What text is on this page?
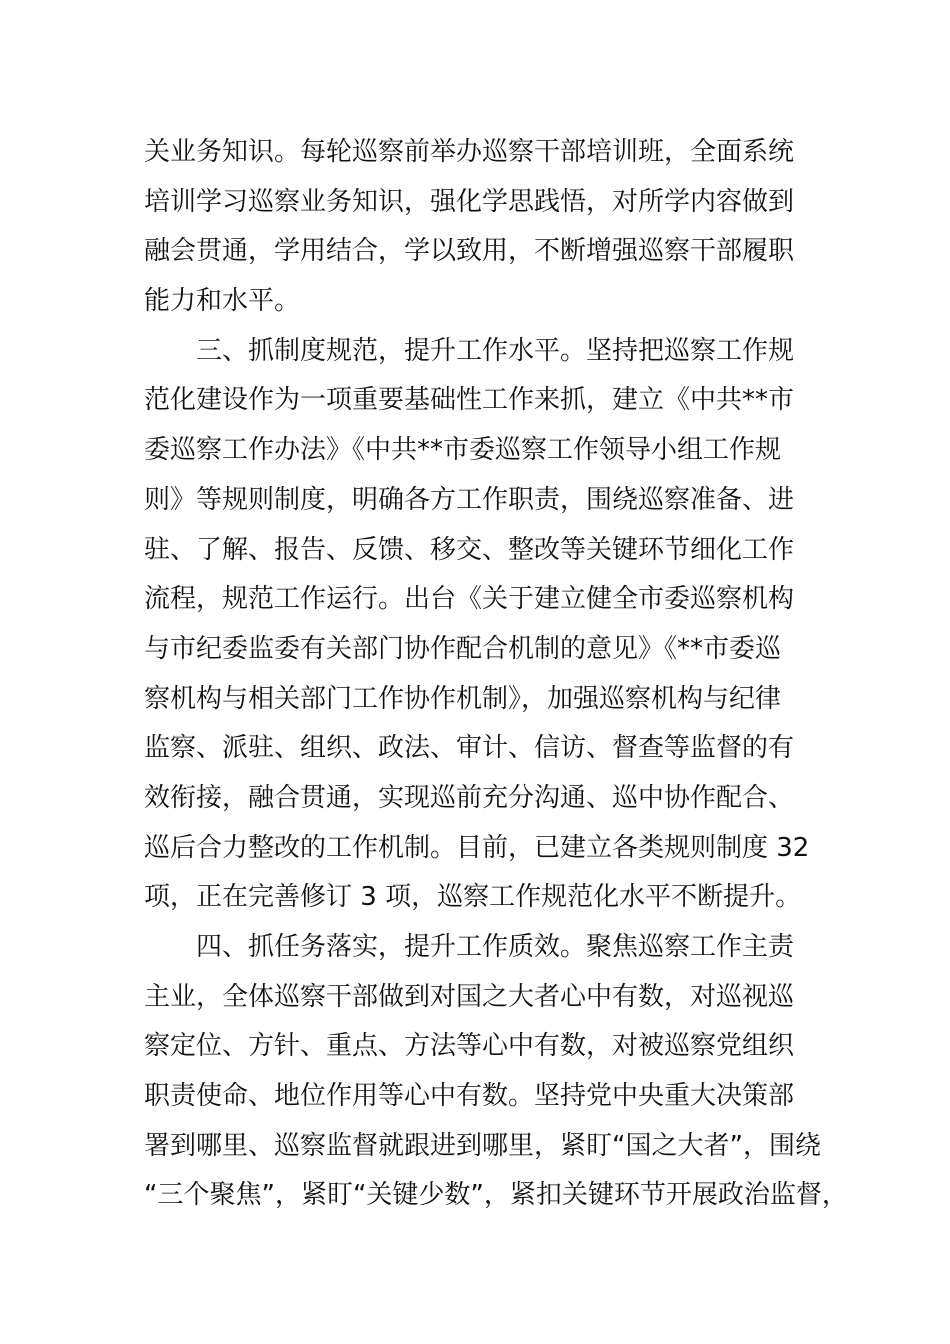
关业务知识。每轮巡察前举办巡察干部培训班，全面系统
培训学习巡察业务知识，强化学思践悟，对所学内容做到
融会贯通，学用结合，学以致用，不断增强巡察干部履职
能力和水平。
　　三、抓制度规范，提升工作水平。坚持把巡察工作规
范化建设作为一项重要基础性工作来抓，建立《中共**市
委巡察工作办法》《中共**市委巡察工作领导小组工作规
则》等规则制度，明确各方工作职责，围绕巡察准备、进
驻、了解、报告、反馈、移交、整改等关键环节细化工作
流程，规范工作运行。出台《关于建立健全市委巡察机构
与市纪委监委有关部门协作配合机制的意见》《**市委巡
察机构与相关部门工作协作机制》，加强巡察机构与纪律
监察、派驻、组织、政法、审计、信访、督查等监督的有
效衔接，融合贯通，实现巡前充分沟通、巡中协作配合、
巡后合力整改的工作机制。目前，已建立各类规则制度 32
项，正在完善修订 3 项，巡察工作规范化水平不断提升。
　　四、抓任务落实，提升工作质效。聚焦巡察工作主责
主业，全体巡察干部做到对国之大者心中有数，对巡视巡
察定位、方针、重点、方法等心中有数，对被巡察党组织
职责使命、地位作用等心中有数。坚持党中央重大决策部
署到哪里、巡察监督就跟进到哪里，紧盯“国之大者”，围绕
“三个聚焦”，紧盯“关键少数”，紧扣关键环节开展政治监督，
